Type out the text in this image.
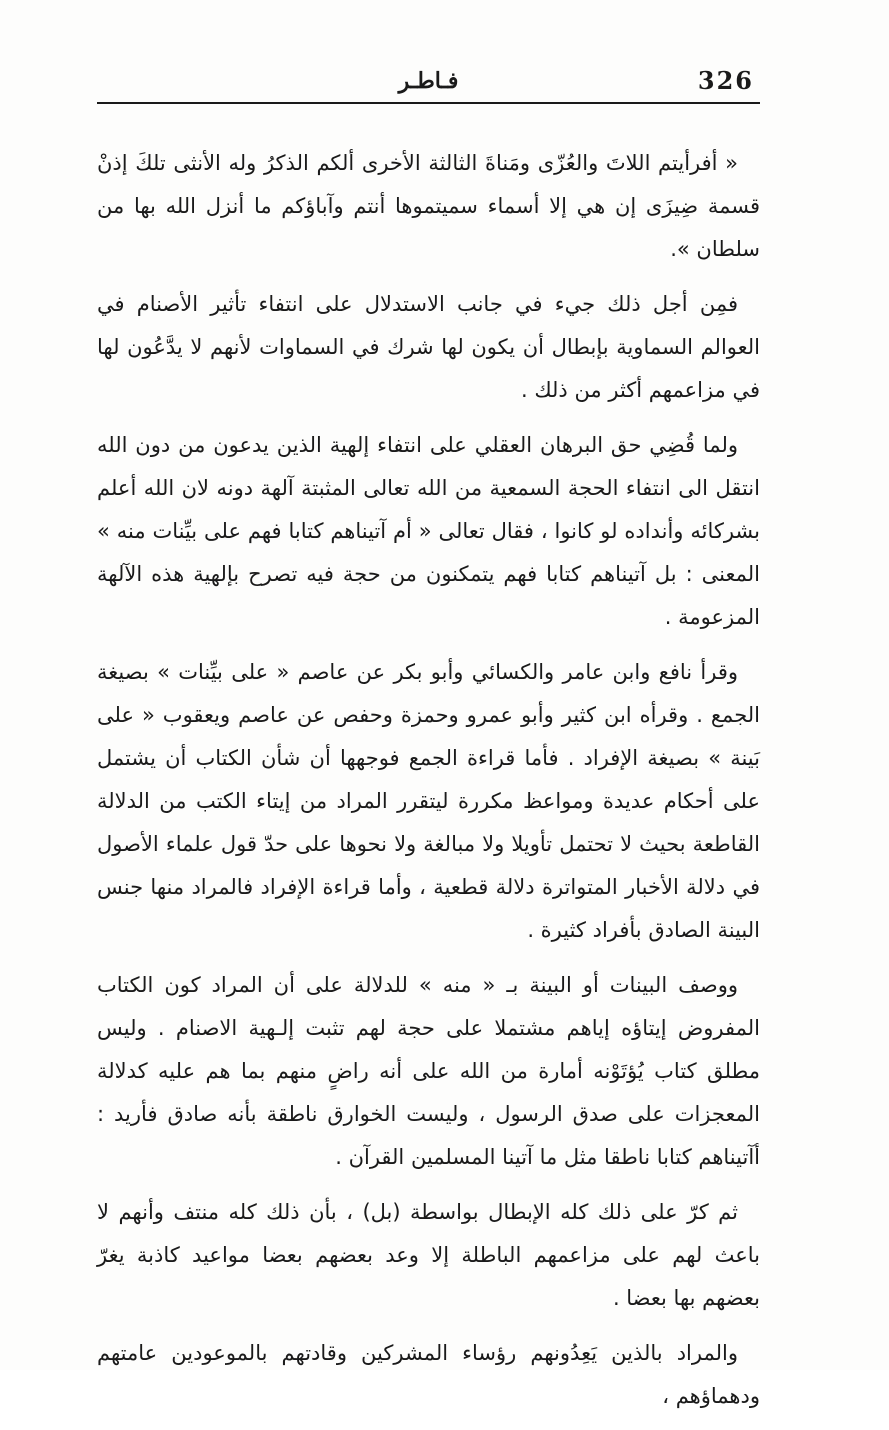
326
فـاطـر

« أفرأيتم اللاتَ والعُزّى ومَناةَ الثالثة الأخرى ألكم الذكرُ وله الأنثى تلكَ إذنْ قسمة ضِيزَى إن هي إلا أسماء سميتموها أنتم وآباؤكم ما أنزل الله بها من سلطان ».

فمِن أجل ذلك جيء في جانب الاستدلال على انتفاء تأثير الأصنام في العوالم السماوية بإبطال أن يكون لها شرك في السماوات لأنهم لا يدَّعُون لها في مزاعمهم أكثر من ذلك .

ولما قُضِي حق البرهان العقلي على انتفاء إلهية الذين يدعون من دون الله انتقل الى انتفاء الحجة السمعية من الله تعالى المثبتة آلهة دونه لان الله أعلم بشركائه وأنداده لو كانوا ، فقال تعالى « أم آتيناهم كتابا فهم على بيِّنات منه » المعنى : بل آتيناهم كتابا فهم يتمكنون من حجة فيه تصرح بإلهية هذه الآلهة المزعومة .

وقرأ نافع وابن عامر والكسائي وأبو بكر عن عاصم « على بيِّنات » بصيغة الجمع . وقرأه ابن كثير وأبو عمرو وحمزة وحفص عن عاصم ويعقوب « على بَينة » بصيغة الإفراد . فأما قراءة الجمع فوجهها أن شأن الكتاب أن يشتمل على أحكام عديدة ومواعظ مكررة ليتقرر المراد من إيتاء الكتب من الدلالة القاطعة بحيث لا تحتمل تأويلا ولا مبالغة ولا نحوها على حدّ قول علماء الأصول في دلالة الأخبار المتواترة دلالة قطعية ، وأما قراءة الإفراد فالمراد منها جنس البينة الصادق بأفراد كثيرة .

ووصف البينات أو البينة بـ « منه » للدلالة على أن المراد كون الكتاب المفروض إيتاؤه إياهم مشتملا على حجة لهم تثبت إلـهية الاصنام . وليس مطلق كتاب يُؤتَوْنه أمارة من الله على أنه راضٍ منهم بما هم عليه كدلالة المعجزات على صدق الرسول ، وليست الخوارق ناطقة بأنه صادق فأريد : أآتيناهم كتابا ناطقا مثل ما آتينا المسلمين القرآن .

ثم كرّ على ذلك كله الإبطال بواسطة (بل) ، بأن ذلك كله منتف وأنهم لا باعث لهم على مزاعمهم الباطلة إلا وعد بعضهم بعضا مواعيد كاذبة يغرّ بعضهم بها بعضا .

والمراد بالذين يَعِدُونهم رؤساء المشركين وقادتهم بالموعودين عامتهم ودهماؤهم ،
